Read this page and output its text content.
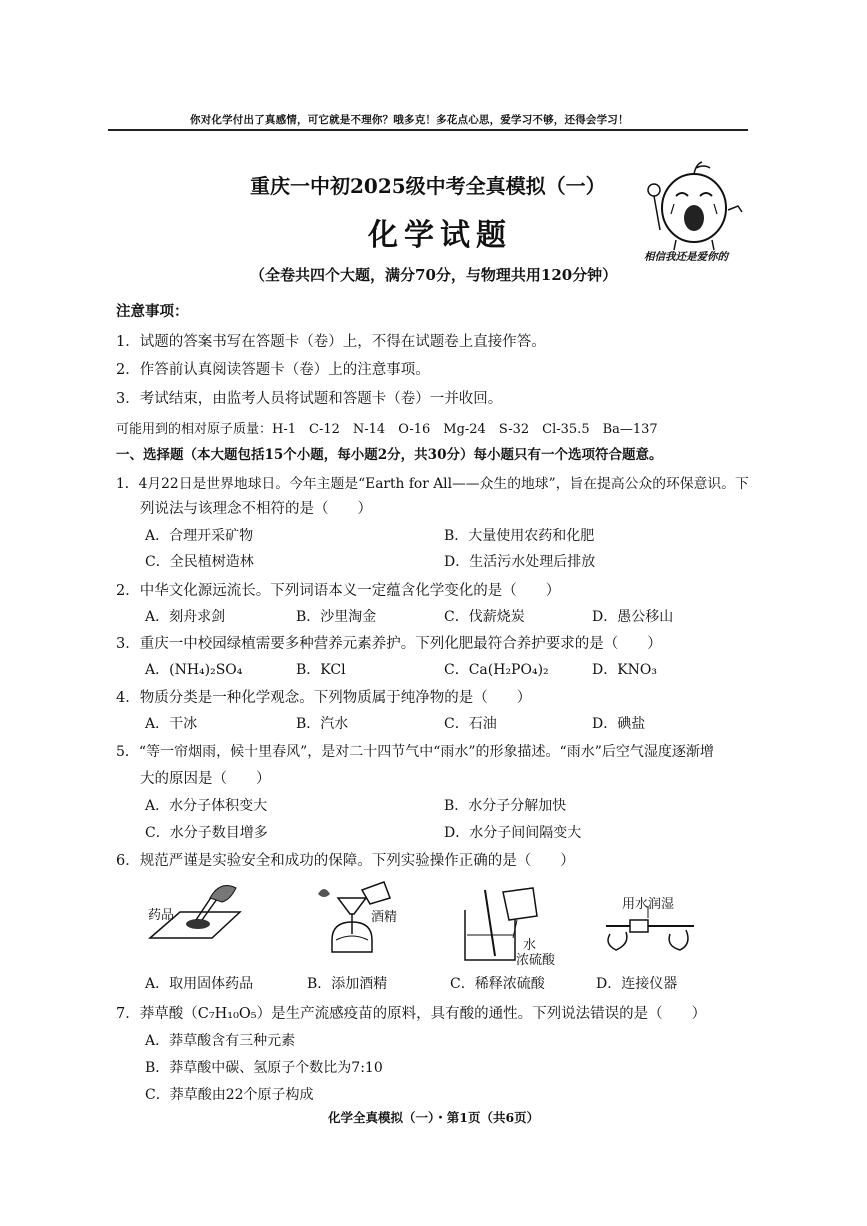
你对化学付出了真感情，可它就是不理你？哦多克！多花点心思，爱学习不够，还得会学习！
重庆一中初2025级中考全真模拟（一）
化学试题
（全卷共四个大题，满分70分，与物理共用120分钟）
相信我还是爱你的
注意事项：
1．试题的答案书写在答题卡（卷）上，不得在试题卷上直接作答。
2．作答前认真阅读答题卡（卷）上的注意事项。
3．考试结束，由监考人员将试题和答题卡（卷）一并收回。
可能用到的相对原子质量：H-1　C-12　N-14　O-16　Mg-24　S-32　Cl-35.5　Ba—137
一、选择题（本大题包括15个小题，每小题2分，共30分）每小题只有一个选项符合题意。
1．4月22日是世界地球日。今年主题是“Earth for All——众生的地球”，旨在提高公众的环保意识。下
列说法与该理念不相符的是（　　）
A．合理开采矿物	B．大量使用农药和化肥
C．全民植树造林	D．生活污水处理后排放
2．中华文化源远流长。下列词语本义一定蕴含化学变化的是（　　）
A．刻舟求剑	B．沙里淘金	C．伐薪烧炭	D．愚公移山
3．重庆一中校园绿植需要多种营养元素养护。下列化肥最符合养护要求的是（　　）
A．(NH₄)₂SO₄	B．KCl	C．Ca(H₂PO₄)₂	D．KNO₃
4．物质分类是一种化学观念。下列物质属于纯净物的是（　　）
A．干冰	B．汽水	C．石油	D．碘盐
5．“等一帘烟雨，候十里春风”，是对二十四节气中“雨水”的形象描述。“雨水”后空气湿度逐渐增
大的原因是（　　）
A．水分子体积变大	B．水分子分解加快
C．水分子数目增多	D．水分子间间隔变大
6．规范严谨是实验安全和成功的保障。下列实验操作正确的是（　　）
药品	酒精
水
浓硫酸
用水润湿
A．取用固体药品	B．添加酒精	C．稀释浓硫酸	D．连接仪器
7．莽草酸（C₇H₁₀O₅）是生产流感疫苗的原料，具有酸的通性。下列说法错误的是（　　）
A．莽草酸含有三种元素
B．莽草酸中碳、氢原子个数比为7:10
C．莽草酸由22个原子构成
化学全真模拟（一）・第1页（共6页）
